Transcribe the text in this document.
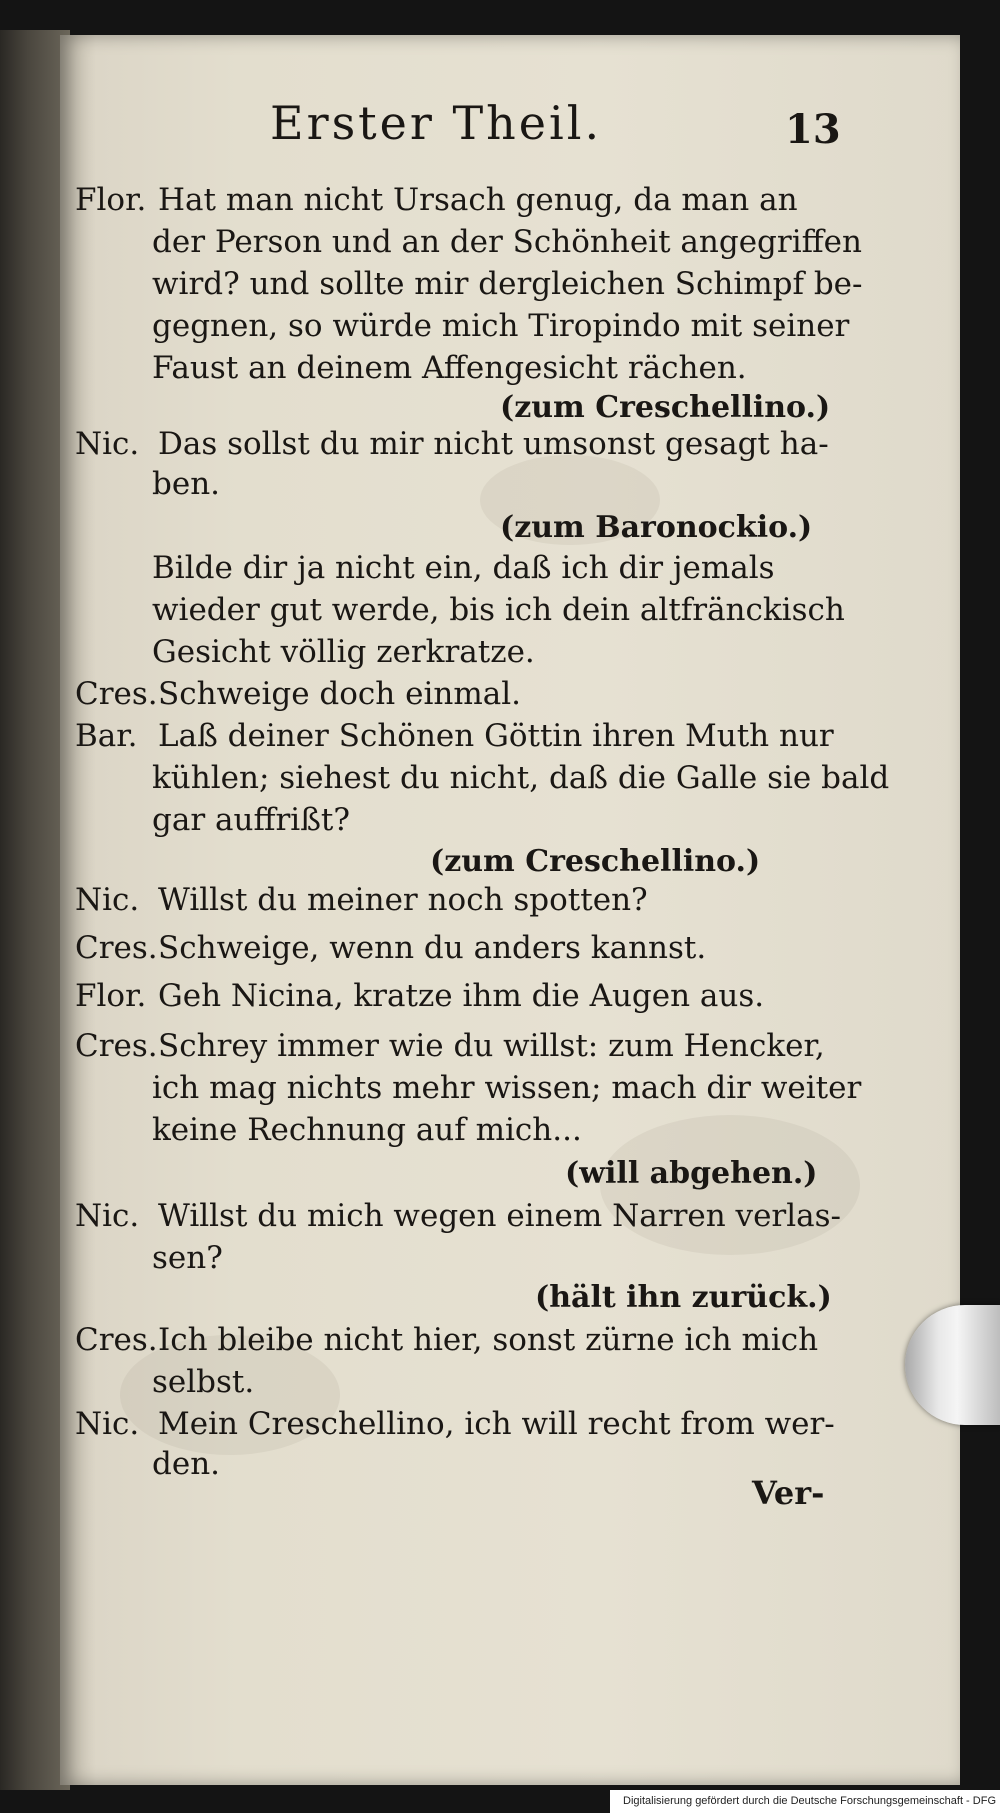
Erster Theil.	13
Flor. Hat man nicht Ursach genug, da man an
der Person und an der Schönheit angegriffen
wird? und sollte mir dergleichen Schimpf be-
gegnen, so würde mich Tiropindo mit seiner
Faust an deinem Affengesicht rächen.
(zum Creschellino.)
Nic. Das sollst du mir nicht umsonst gesagt ha-
ben.
(zum Baronockio.)
Bilde dir ja nicht ein, daß ich dir jemals
wieder gut werde, bis ich dein altfränckisch
Gesicht völlig zerkratze.
Cres. Schweige doch einmal.
Bar. Laß deiner Schönen Göttin ihren Muth nur
kühlen; siehest du nicht, daß die Galle sie bald
gar auffrißt?
(zum Creschellino.)
Nic. Willst du meiner noch spotten?
Cres. Schweige, wenn du anders kannst.
Flor. Geh Nicina, kratze ihm die Augen aus.
Cres. Schrey immer wie du willst: zum Hencker,
ich mag nichts mehr wissen; mach dir weiter
keine Rechnung auf mich...
(will abgehen.)
Nic. Willst du mich wegen einem Narren verlas-
sen?
(hält ihn zurück.)
Cres. Ich bleibe nicht hier, sonst zürne ich mich
selbst.
Nic. Mein Creschellino, ich will recht from wer-
den.
Ver-
Digitalisierung gefördert durch die Deutsche Forschungsgemeinschaft - DFG
